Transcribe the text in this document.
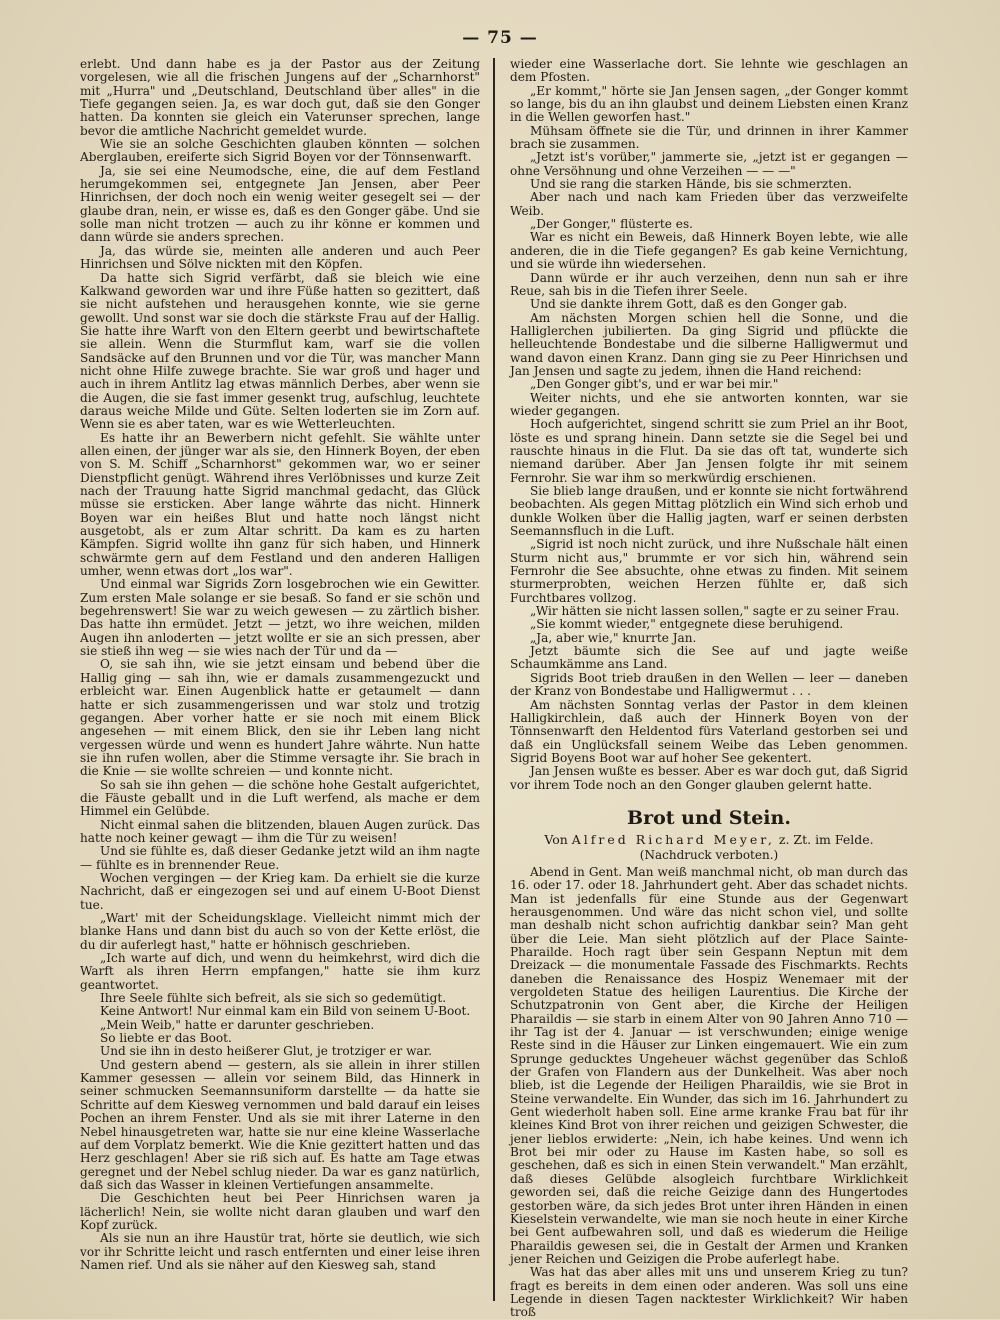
— 75 —

erlebt. Und dann habe es ja der Pastor aus der Zeitung vorgelesen, wie all die frischen Jungens auf der „Scharnhorst" mit „Hurra" und „Deutschland, Deutschland über alles" in die Tiefe gegangen seien. Ja, es war doch gut, daß sie den Gonger hatten. Da konnten sie gleich ein Vaterunser sprechen, lange bevor die amtliche Nachricht gemeldet wurde.

Wie sie an solche Geschichten glauben könnten — solchen Aberglauben, ereiferte sich Sigrid Boyen vor der Tönnsenwarft.

Ja, sie sei eine Neumodsche, eine, die auf dem Festland herumgekommen sei, entgegnete Jan Jensen, aber Peer Hinrichsen, der doch noch ein wenig weiter gesegelt sei — der glaube dran, nein, er wisse es, daß es den Gonger gäbe. Und sie solle man nicht trotzen — auch zu ihr könne er kommen und dann würde sie anders sprechen.

Ja, das würde sie, meinten alle anderen und auch Peer Hinrichsen und Sölve nickten mit den Köpfen.

Da hatte sich Sigrid verfärbt, daß sie bleich wie eine Kalkwand geworden war und ihre Füße hatten so gezittert, daß sie nicht aufstehen und herausgehen konnte, wie sie gerne gewollt. Und sonst war sie doch die stärkste Frau auf der Hallig. Sie hatte ihre Warft von den Eltern geerbt und bewirtschaftete sie allein. Wenn die Sturmflut kam, warf sie die vollen Sandsäcke auf den Brunnen und vor die Tür, was mancher Mann nicht ohne Hilfe zuwege brachte. Sie war groß und hager und auch in ihrem Antlitz lag etwas männlich Derbes, aber wenn sie die Augen, die sie fast immer gesenkt trug, aufschlug, leuchtete daraus weiche Milde und Güte. Selten loderten sie im Zorn auf. Wenn sie es aber taten, war es wie Wetterleuchten.

Es hatte ihr an Bewerbern nicht gefehlt. Sie wählte unter allen einen, der jünger war als sie, den Hinnerk Boyen, der eben von S. M. Schiff „Scharnhorst" gekommen war, wo er seiner Dienstpflicht genügt. Während ihres Verlöbnisses und kurze Zeit nach der Trauung hatte Sigrid manchmal gedacht, das Glück müsse sie ersticken. Aber lange währte das nicht. Hinnerk Boyen war ein heißes Blut und hatte noch längst nicht ausgetobt, als er zum Altar schritt. Da kam es zu harten Kämpfen. Sigrid wollte ihn ganz für sich haben, und Hinnerk schwärmte gern auf dem Festland und den anderen Halligen umher, wenn etwas dort „los war".

Und einmal war Sigrids Zorn losgebrochen wie ein Gewitter. Zum ersten Male solange er sie besaß. So fand er sie schön und begehrenswert! Sie war zu weich gewesen — zu zärtlich bisher. Das hatte ihn ermüdet. Jetzt — jetzt, wo ihre weichen, milden Augen ihn anloderten — jetzt wollte er sie an sich pressen, aber sie stieß ihn weg — sie wies nach der Tür und da —

O, sie sah ihn, wie sie jetzt einsam und bebend über die Hallig ging — sah ihn, wie er damals zusammengezuckt und erbleicht war. Einen Augenblick hatte er getaumelt — dann hatte er sich zusammengerissen und war stolz und trotzig gegangen. Aber vorher hatte er sie noch mit einem Blick angesehen — mit einem Blick, den sie ihr Leben lang nicht vergessen würde und wenn es hundert Jahre währte. Nun hatte sie ihn rufen wollen, aber die Stimme versagte ihr. Sie brach in die Knie — sie wollte schreien — und konnte nicht.

So sah sie ihn gehen — die schöne hohe Gestalt aufgerichtet, die Fäuste geballt und in die Luft werfend, als mache er dem Himmel ein Gelübde.

Nicht einmal sahen die blitzenden, blauen Augen zurück. Das hatte noch keiner gewagt — ihm die Tür zu weisen!

Und sie fühlte es, daß dieser Gedanke jetzt wild an ihm nagte — fühlte es in brennender Reue.

Wochen vergingen — der Krieg kam. Da erhielt sie die kurze Nachricht, daß er eingezogen sei und auf einem U-Boot Dienst tue.

„Wart' mit der Scheidungsklage. Vielleicht nimmt mich der blanke Hans und dann bist du auch so von der Kette erlöst, die du dir auferlegt hast," hatte er höhnisch geschrieben.

„Ich warte auf dich, und wenn du heimkehrst, wird dich die Warft als ihren Herrn empfangen," hatte sie ihm kurz geantwortet.

Ihre Seele fühlte sich befreit, als sie sich so gedemütigt.

Keine Antwort! Nur einmal kam ein Bild von seinem U-Boot.

„Mein Weib," hatte er darunter geschrieben.

So liebte er das Boot.

Und sie ihn in desto heißerer Glut, je trotziger er war.

Und gestern abend — gestern, als sie allein in ihrer stillen Kammer gesessen — allein vor seinem Bild, das Hinnerk in seiner schmucken Seemannsuniform darstellte — da hatte sie Schritte auf dem Kiesweg vernommen und bald darauf ein leises Pochen an ihrem Fenster. Und als sie mit ihrer Laterne in den Nebel hinausgetreten war, hatte sie nur eine kleine Wasserlache auf dem Vorplatz bemerkt. Wie die Knie gezittert hatten und das Herz geschlagen! Aber sie riß sich auf. Es hatte am Tage etwas geregnet und der Nebel schlug nieder. Da war es ganz natürlich, daß sich das Wasser in kleinen Vertiefungen ansammelte.

Die Geschichten heut bei Peer Hinrichsen waren ja lächerlich! Nein, sie wollte nicht daran glauben und warf den Kopf zurück.

Als sie nun an ihre Haustür trat, hörte sie deutlich, wie sich vor ihr Schritte leicht und rasch entfernten und einer leise ihren Namen rief. Und als sie näher auf den Kiesweg sah, stand

wieder eine Wasserlache dort. Sie lehnte wie geschlagen an dem Pfosten.

„Er kommt," hörte sie Jan Jensen sagen, „der Gonger kommt so lange, bis du an ihn glaubst und deinem Liebsten einen Kranz in die Wellen geworfen hast."

Mühsam öffnete sie die Tür, und drinnen in ihrer Kammer brach sie zusammen.

„Jetzt ist's vorüber," jammerte sie, „jetzt ist er gegangen — ohne Versöhnung und ohne Verzeihen — — —"

Und sie rang die starken Hände, bis sie schmerzten.

Aber nach und nach kam Frieden über das verzweifelte Weib.

„Der Gonger," flüsterte es.

War es nicht ein Beweis, daß Hinnerk Boyen lebte, wie alle anderen, die in die Tiefe gegangen? Es gab keine Vernichtung, und sie würde ihn wiedersehen.

Dann würde er ihr auch verzeihen, denn nun sah er ihre Reue, sah bis in die Tiefen ihrer Seele.

Und sie dankte ihrem Gott, daß es den Gonger gab.

Am nächsten Morgen schien hell die Sonne, und die Halliglerchen jubilierten. Da ging Sigrid und pflückte die helleuchtende Bondestabe und die silberne Halligwermut und wand davon einen Kranz. Dann ging sie zu Peer Hinrichsen und Jan Jensen und sagte zu jedem, ihnen die Hand reichend:

„Den Gonger gibt's, und er war bei mir."

Weiter nichts, und ehe sie antworten konnten, war sie wieder gegangen.

Hoch aufgerichtet, singend schritt sie zum Priel an ihr Boot, löste es und sprang hinein. Dann setzte sie die Segel bei und rauschte hinaus in die Flut. Da sie das oft tat, wunderte sich niemand darüber. Aber Jan Jensen folgte ihr mit seinem Fernrohr. Sie war ihm so merkwürdig erschienen.

Sie blieb lange draußen, und er konnte sie nicht fortwährend beobachten. Als gegen Mittag plötzlich ein Wind sich erhob und dunkle Wolken über die Hallig jagten, warf er seinen derbsten Seemannsfluch in die Luft.

„Sigrid ist noch nicht zurück, und ihre Nußschale hält einen Sturm nicht aus," brummte er vor sich hin, während sein Fernrohr die See absuchte, ohne etwas zu finden. Mit seinem sturmerprobten, weichen Herzen fühlte er, daß sich Furchtbares vollzog.

„Wir hätten sie nicht lassen sollen," sagte er zu seiner Frau.

„Sie kommt wieder," entgegnete diese beruhigend.

„Ja, aber wie," knurrte Jan.

Jetzt bäumte sich die See auf und jagte weiße Schaumkämme ans Land.

Sigrids Boot trieb draußen in den Wellen — leer — daneben der Kranz von Bondestabe und Halligwermut . . .

Am nächsten Sonntag verlas der Pastor in dem kleinen Halligkirchlein, daß auch der Hinnerk Boyen von der Tönnsenwarft den Heldentod fürs Vaterland gestorben sei und daß ein Unglücksfall seinem Weibe das Leben genommen. Sigrid Boyens Boot war auf hoher See gekentert.

Jan Jensen wußte es besser. Aber es war doch gut, daß Sigrid vor ihrem Tode noch an den Gonger glauben gelernt hatte.

Brot und Stein.
Von Alfred Richard Meyer, z. Zt. im Felde.
(Nachdruck verboten.)

Abend in Gent. Man weiß manchmal nicht, ob man durch das 16. oder 17. oder 18. Jahrhundert geht. Aber das schadet nichts. Man ist jedenfalls für eine Stunde aus der Gegenwart herausgenommen. Und wäre das nicht schon viel, und sollte man deshalb nicht schon aufrichtig dankbar sein? Man geht über die Leie. Man sieht plötzlich auf der Place Sainte-Pharailde. Hoch ragt über sein Gespann Neptun mit dem Dreizack — die monumentale Fassade des Fischmarkts. Rechts daneben die Renaissance des Hospiz Wenemaer mit der vergoldeten Statue des heiligen Laurentius. Die Kirche der Schutzpatronin von Gent aber, die Kirche der Heiligen Pharaildis — sie starb in einem Alter von 90 Jahren Anno 710 — ihr Tag ist der 4. Januar — ist verschwunden; einige wenige Reste sind in die Häuser zur Linken eingemauert. Wie ein zum Sprunge geducktes Ungeheuer wächst gegenüber das Schloß der Grafen von Flandern aus der Dunkelheit. Was aber noch blieb, ist die Legende der Heiligen Pharaildis, wie sie Brot in Steine verwandelte. Ein Wunder, das sich im 16. Jahrhundert zu Gent wiederholt haben soll. Eine arme kranke Frau bat für ihr kleines Kind Brot von ihrer reichen und geizigen Schwester, die jener lieblos erwiderte: „Nein, ich habe keines. Und wenn ich Brot bei mir oder zu Hause im Kasten habe, so soll es geschehen, daß es sich in einen Stein verwandelt." Man erzählt, daß dieses Gelübde alsogleich furchtbare Wirklichkeit geworden sei, daß die reiche Geizige dann des Hungertodes gestorben wäre, da sich jedes Brot unter ihren Händen in einen Kieselstein verwandelte, wie man sie noch heute in einer Kirche bei Gent aufbewahren soll, und daß es wiederum die Heilige Pharaildis gewesen sei, die in Gestalt der Armen und Kranken jener Reichen und Geizigen die Probe auferlegt habe.

Was hat das aber alles mit uns und unserem Krieg zu tun? fragt es bereits in dem einen oder anderen. Was soll uns eine Legende in diesen Tagen nacktester Wirklichkeit? Wir haben troß
